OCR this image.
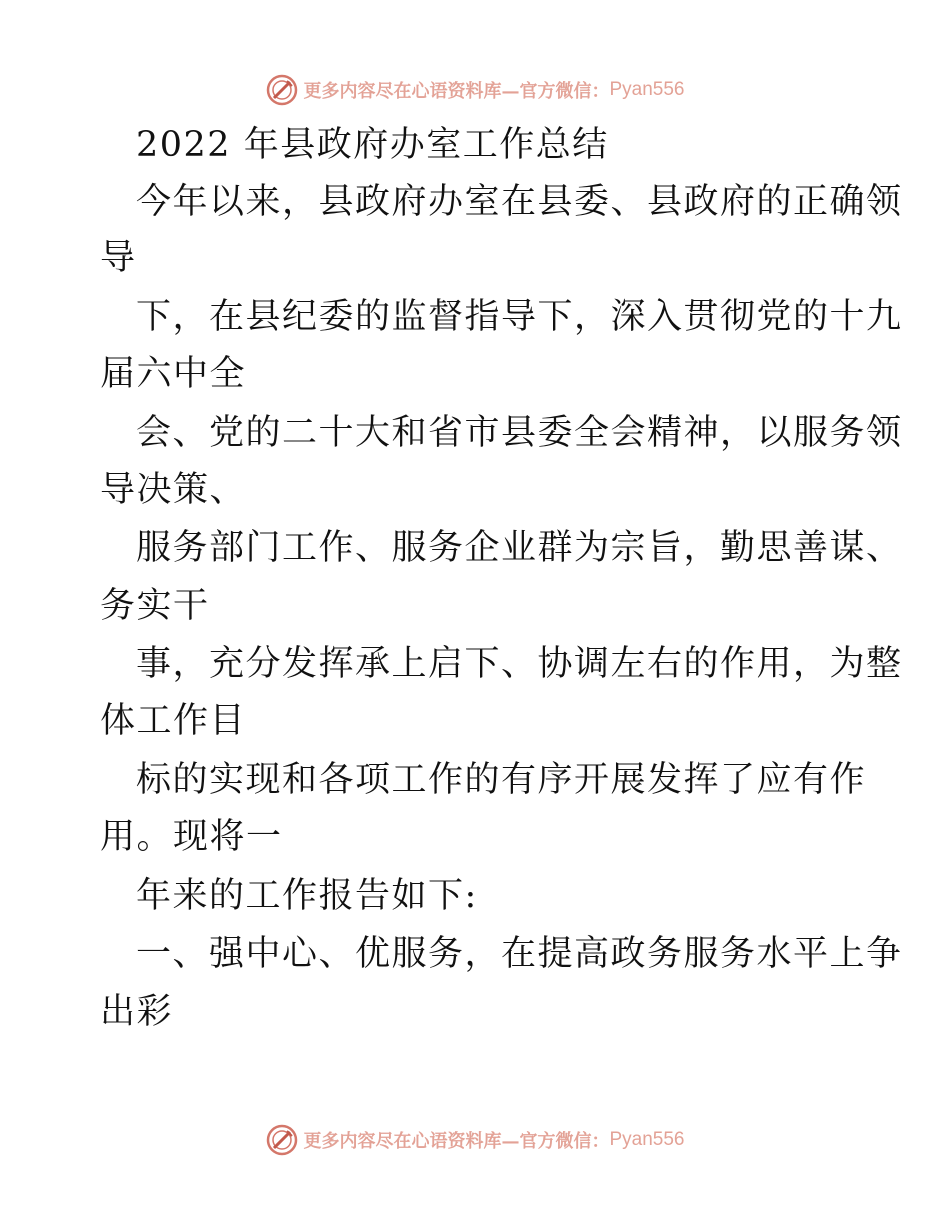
更多内容尽在心语资料库—官方微信： Pyan556
2022 年县政府办室工作总结
今年以来，县政府办室在县委、县政府的正确领
导
下，在县纪委的监督指导下，深入贯彻党的十九
届六中全
会、党的二十大和省市县委全会精神，以服务领
导决策、
服务部门工作、服务企业群为宗旨，勤思善谋、
务实干
事，充分发挥承上启下、协调左右的作用，为整
体工作目
标的实现和各项工作的有序开展发挥了应有作
用。现将一
年来的工作报告如下:
一、强中心、优服务，在提高政务服务水平上争
出彩
更多内容尽在心语资料库—官方微信： Pyan556
